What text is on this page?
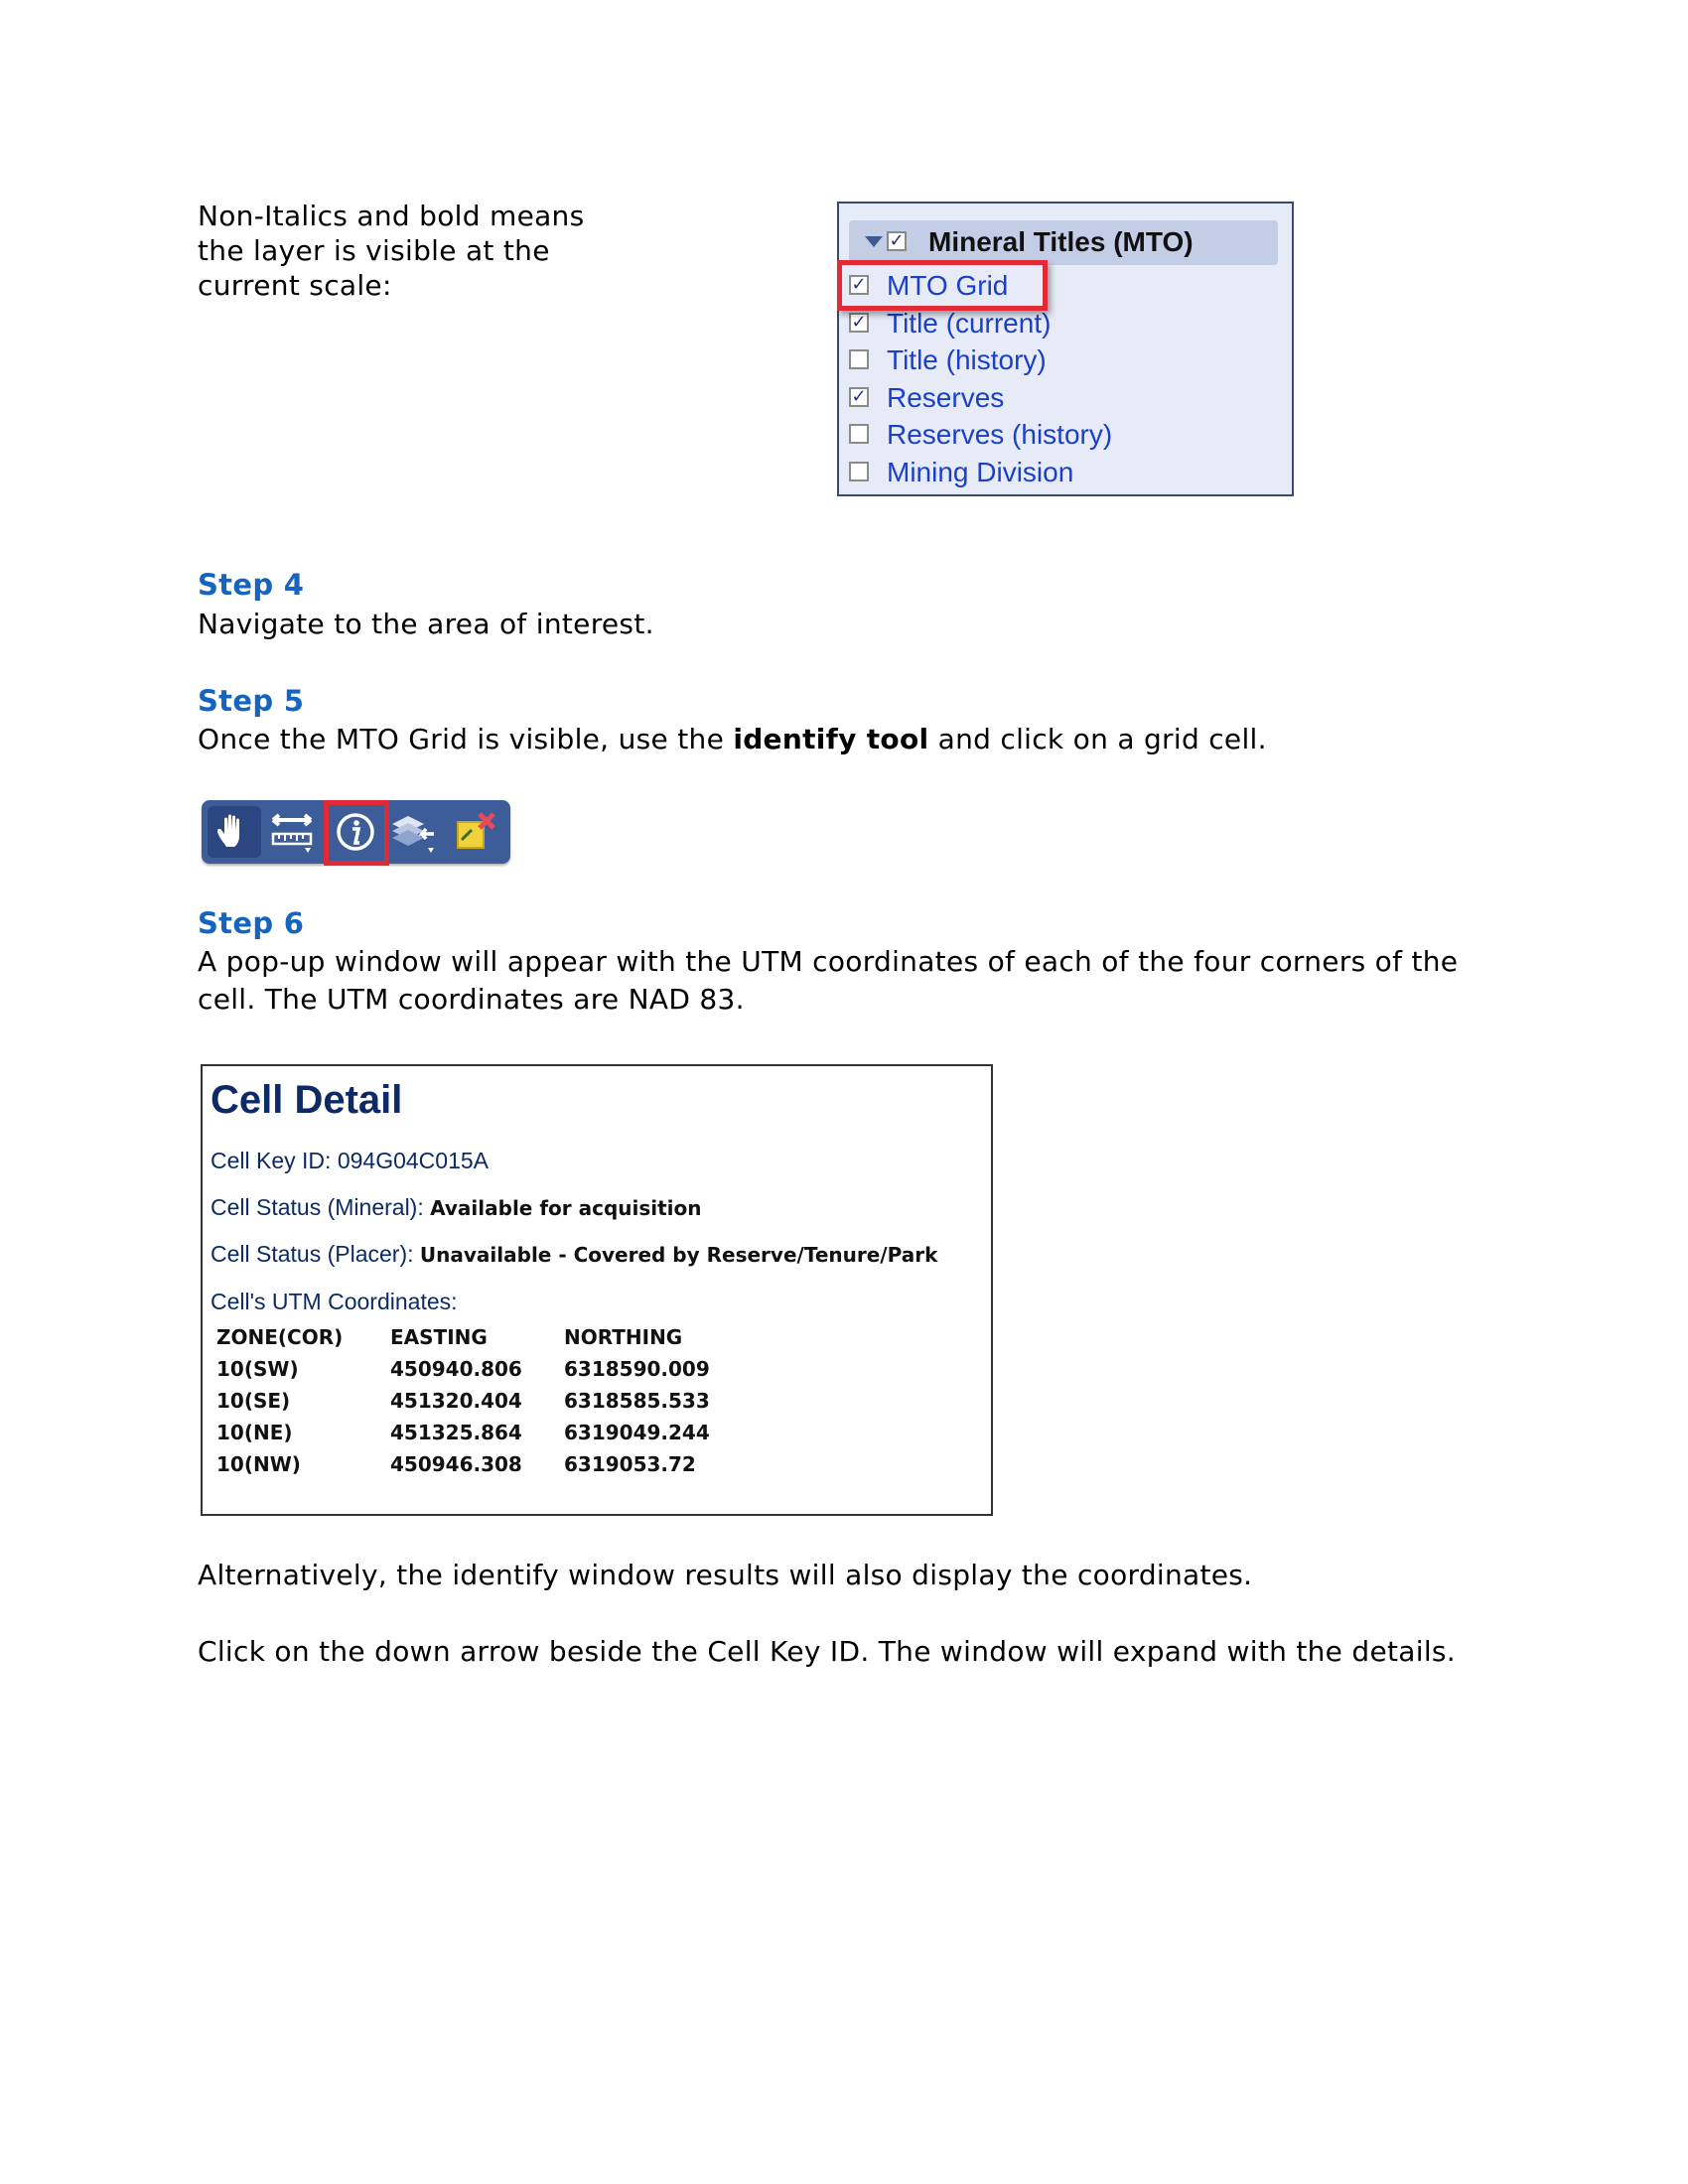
Non-Italics and bold means
the layer is visible at the
current scale:
✓ Mineral Titles (MTO)
✓ MTO Grid
✓ Title (current)
Title (history)
✓ Reserves
Reserves (history)
Mining Division
Step 4
Navigate to the area of interest.
Step 5
Once the MTO Grid is visible, use the identify tool and click on a grid cell.
Step 6
A pop-up window will appear with the UTM coordinates of each of the four corners of the
cell. The UTM coordinates are NAD 83.
Cell Detail
Cell Key ID: 094G04C015A
Cell Status (Mineral): Available for acquisition
Cell Status (Placer): Unavailable - Covered by Reserve/Tenure/Park
Cell's UTM Coordinates:
ZONE(COR)	EASTING	NORTHING
10(SW)	450940.806	6318590.009
10(SE)	451320.404	6318585.533
10(NE)	451325.864	6319049.244
10(NW)	450946.308	6319053.72
Alternatively, the identify window results will also display the coordinates.
Click on the down arrow beside the Cell Key ID. The window will expand with the details.
